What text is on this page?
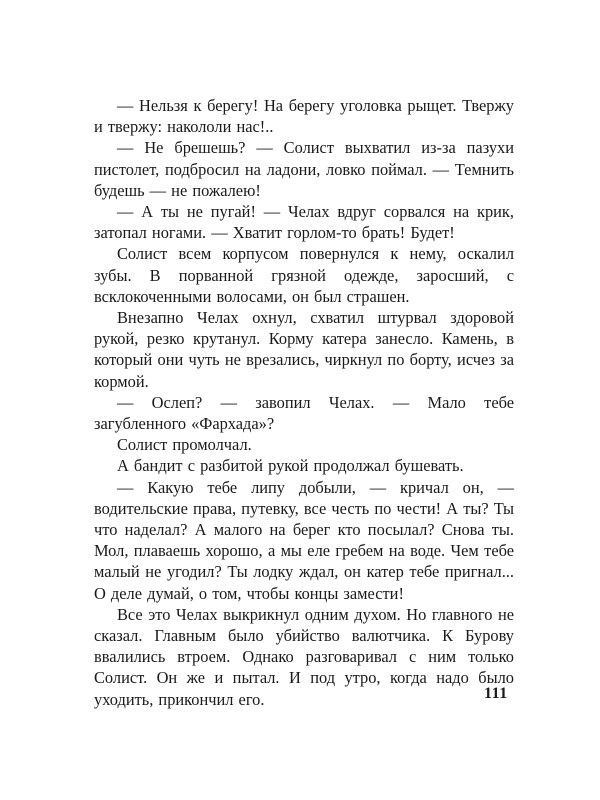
— Нельзя к берегу! На берегу уголовка рыщет. Твержу и твержу: накололи нас!..

— Не брешешь? — Солист выхватил из-за пазухи пистолет, подбросил на ладони, ловко поймал. — Темнить будешь — не пожалею!

— А ты не пугай! — Челах вдруг сорвался на крик, затопал ногами. — Хватит горлом-то брать! Будет!

Солист всем корпусом повернулся к нему, оскалил зубы. В порванной грязной одежде, заросший, с всклокоченными волосами, он был страшен.

Внезапно Челах охнул, схватил штурвал здоровой рукой, резко крутанул. Корму катера занесло. Камень, в который они чуть не врезались, чиркнул по борту, исчез за кормой.

— Ослеп? — завопил Челах. — Мало тебе загубленного «Фархада»?

Солист промолчал.

А бандит с разбитой рукой продолжал бушевать.

— Какую тебе липу добыли, — кричал он, — водительские права, путевку, все честь по чести! А ты? Ты что наделал? А малого на берег кто посылал? Снова ты. Мол, плаваешь хорошо, а мы еле гребем на воде. Чем тебе малый не угодил? Ты лодку ждал, он катер тебе пригнал... О деле думай, о том, чтобы концы замести!

Все это Челах выкрикнул одним духом. Но главного не сказал. Главным было убийство валютчика. К Бурову ввалились втроем. Однако разговаривал с ним только Солист. Он же и пытал. И под утро, когда надо было уходить, прикончил его.	111
